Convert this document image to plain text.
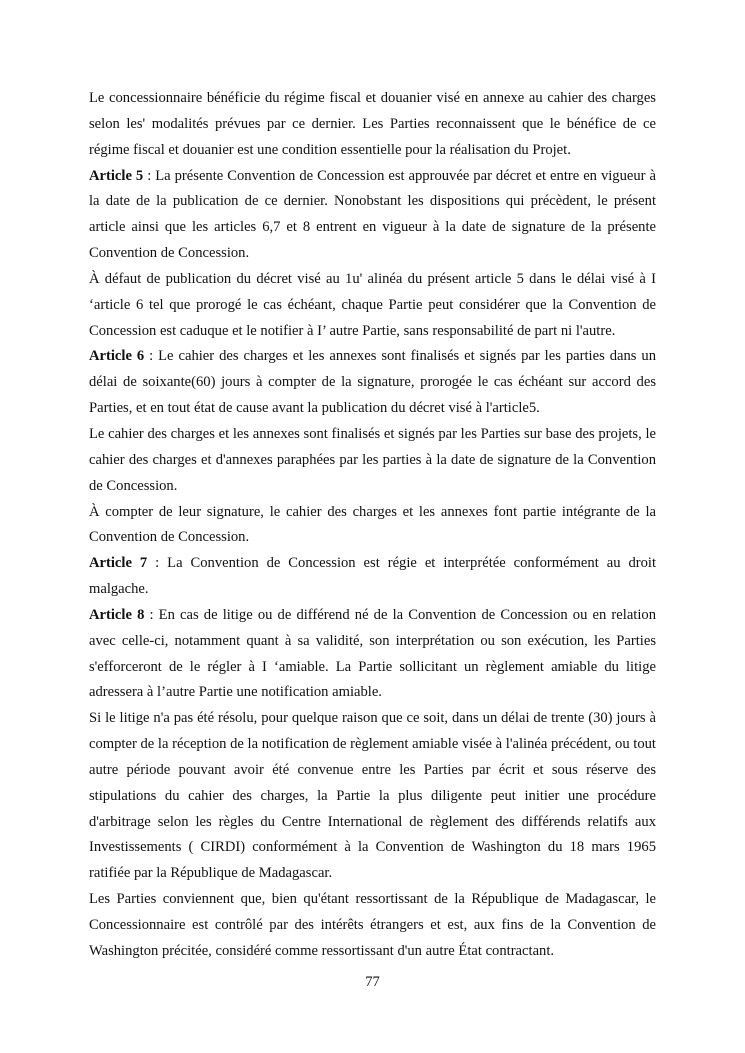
Le concessionnaire bénéficie du régime fiscal et douanier visé en annexe au cahier des charges selon les' modalités prévues par ce dernier. Les Parties reconnaissent que le bénéfice de ce régime fiscal et douanier est une condition essentielle pour la réalisation du Projet.

Article 5 : La présente Convention de Concession est approuvée par décret et entre en vigueur à la date de la publication de ce dernier. Nonobstant les dispositions qui précèdent, le présent article ainsi que les articles 6,7 et 8 entrent en vigueur à la date de signature de la présente Convention de Concession.

À défaut de publication du décret visé au 1u' alinéa du présent article 5 dans le délai visé à I ‘article 6 tel que prorogé le cas échéant, chaque Partie peut considérer que la Convention de Concession est caduque et le notifier à I’ autre Partie, sans responsabilité de part ni l'autre.

Article 6 : Le cahier des charges et les annexes sont finalisés et signés par les parties dans un délai de soixante(60) jours à compter de la signature, prorogée le cas échéant sur accord des Parties, et en tout état de cause avant la publication du décret visé à l'article5.

Le cahier des charges et les annexes sont finalisés et signés par les Parties sur base des projets, le cahier des charges et d'annexes paraphées par les parties à la date de signature de la Convention de Concession.

À compter de leur signature, le cahier des charges et les annexes font partie intégrante de la Convention de Concession.

Article 7 : La Convention de Concession est régie et interprétée conformément au droit malgache.

Article 8 : En cas de litige ou de différend né de la Convention de Concession ou en relation avec celle-ci, notamment quant à sa validité, son interprétation ou son exécution, les Parties s'efforceront de le régler à I ‘amiable. La Partie sollicitant un règlement amiable du litige adressera à l’autre Partie une notification amiable.

Si le litige n'a pas été résolu, pour quelque raison que ce soit, dans un délai de trente (30) jours à compter de la réception de la notification de règlement amiable visée à l'alinéa précédent, ou tout autre période pouvant avoir été convenue entre les Parties par écrit et sous réserve des stipulations du cahier des charges, la Partie la plus diligente peut initier une procédure d'arbitrage selon les règles du Centre International de règlement des différends relatifs aux Investissements ( CIRDI) conformément à la Convention de Washington du 18 mars 1965 ratifiée par la République de Madagascar.

Les Parties conviennent que, bien qu'étant ressortissant de la République de Madagascar, le Concessionnaire est contrôlé par des intérêts étrangers et est, aux fins de la Convention de Washington précitée, considéré comme ressortissant d'un autre État contractant.

77
